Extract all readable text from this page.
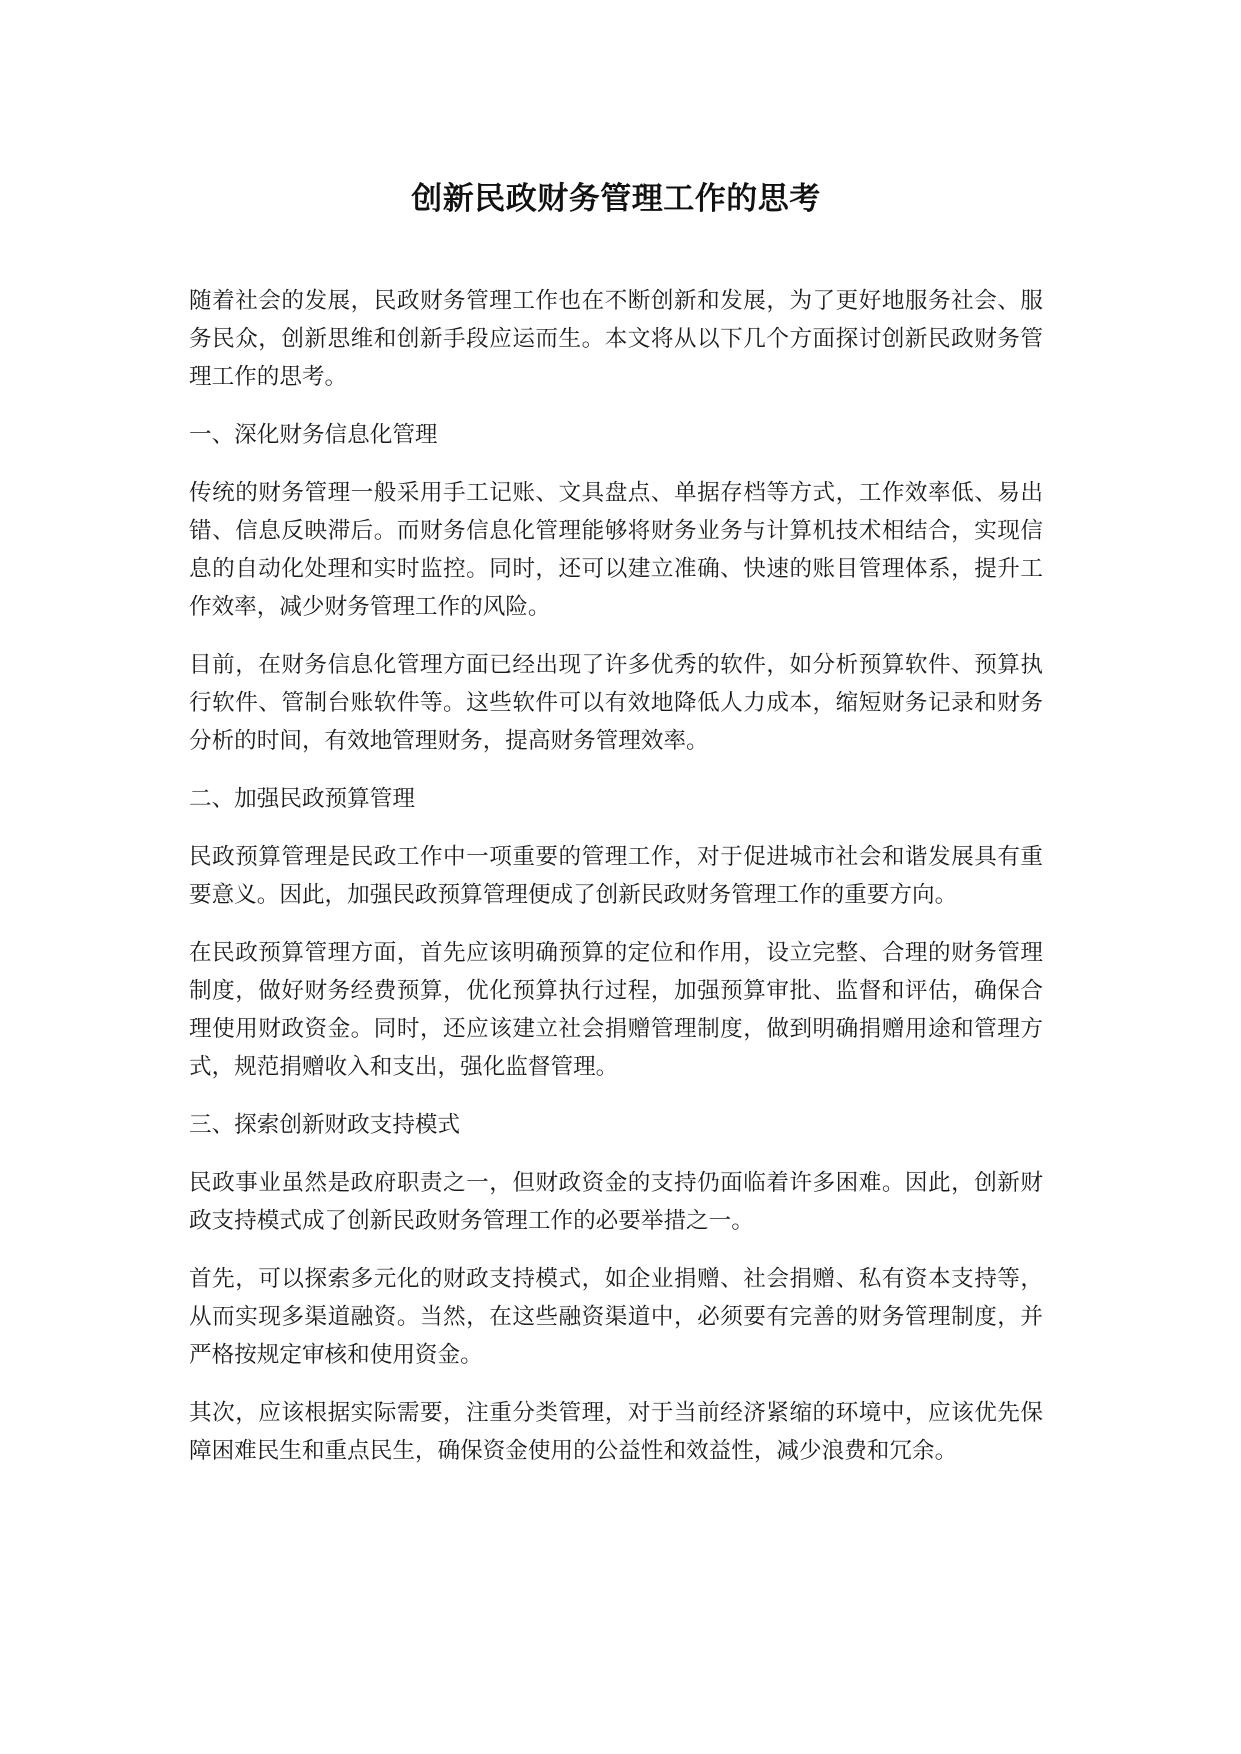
创新民政财务管理工作的思考

随着社会的发展，民政财务管理工作也在不断创新和发展，为了更好地服务社会、服务民众，创新思维和创新手段应运而生。本文将从以下几个方面探讨创新民政财务管理工作的思考。

一、深化财务信息化管理

传统的财务管理一般采用手工记账、文具盘点、单据存档等方式，工作效率低、易出错、信息反映滞后。而财务信息化管理能够将财务业务与计算机技术相结合，实现信息的自动化处理和实时监控。同时，还可以建立准确、快速的账目管理体系，提升工作效率，减少财务管理工作的风险。

目前，在财务信息化管理方面已经出现了许多优秀的软件，如分析预算软件、预算执行软件、管制台账软件等。这些软件可以有效地降低人力成本，缩短财务记录和财务分析的时间，有效地管理财务，提高财务管理效率。

二、加强民政预算管理

民政预算管理是民政工作中一项重要的管理工作，对于促进城市社会和谐发展具有重要意义。因此，加强民政预算管理便成了创新民政财务管理工作的重要方向。

在民政预算管理方面，首先应该明确预算的定位和作用，设立完整、合理的财务管理制度，做好财务经费预算，优化预算执行过程，加强预算审批、监督和评估，确保合理使用财政资金。同时，还应该建立社会捐赠管理制度，做到明确捐赠用途和管理方式，规范捐赠收入和支出，强化监督管理。

三、探索创新财政支持模式

民政事业虽然是政府职责之一，但财政资金的支持仍面临着许多困难。因此，创新财政支持模式成了创新民政财务管理工作的必要举措之一。

首先，可以探索多元化的财政支持模式，如企业捐赠、社会捐赠、私有资本支持等，从而实现多渠道融资。当然，在这些融资渠道中，必须要有完善的财务管理制度，并严格按规定审核和使用资金。

其次，应该根据实际需要，注重分类管理，对于当前经济紧缩的环境中，应该优先保障困难民生和重点民生，确保资金使用的公益性和效益性，减少浪费和冗余。
